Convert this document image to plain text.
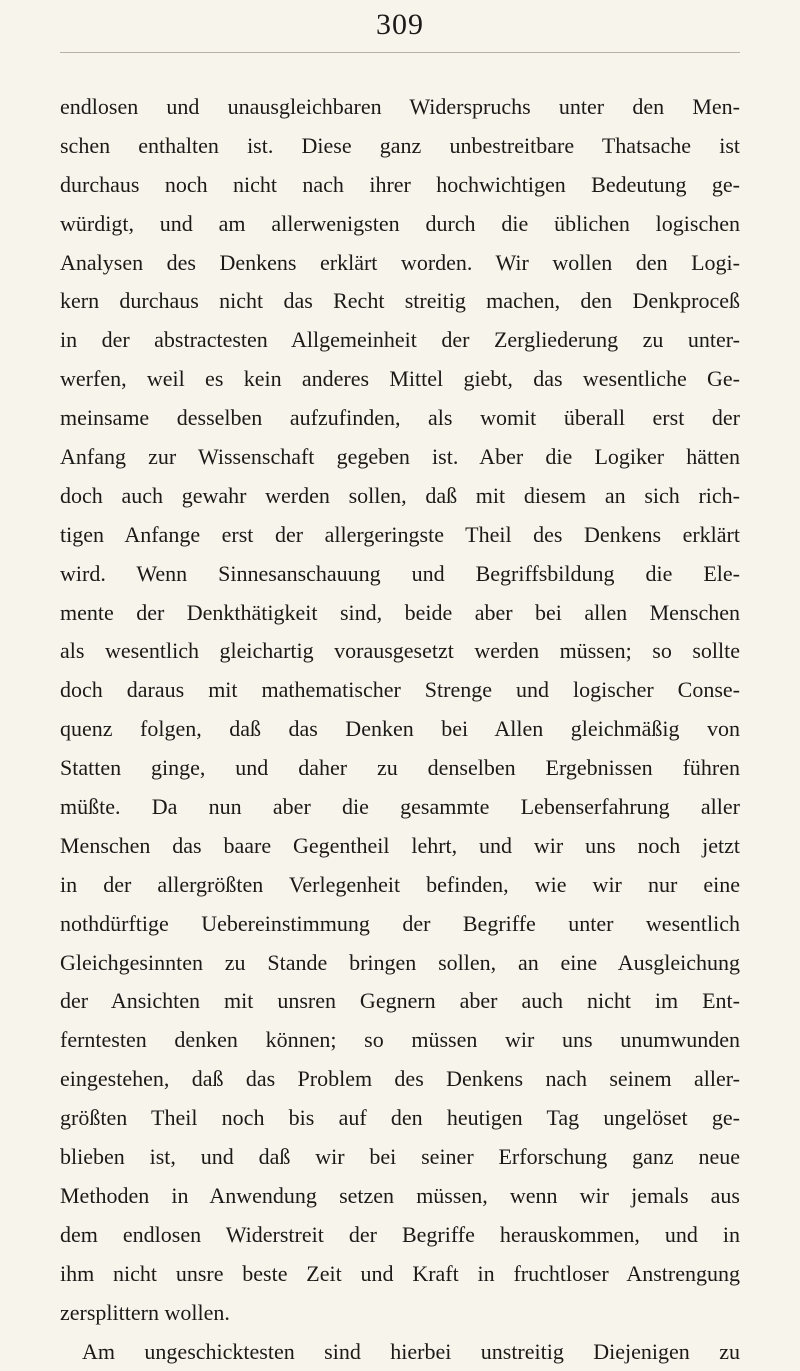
309
endlosen und unausgleichbaren Widerspruchs unter den Men-
schen enthalten ist. Diese ganz unbestreitbare Thatsache ist
durchaus noch nicht nach ihrer hochwichtigen Bedeutung ge-
würdigt, und am allerwenigsten durch die üblichen logischen
Analysen des Denkens erklärt worden. Wir wollen den Logi-
kern durchaus nicht das Recht streitig machen, den Denkproceß
in der abstractesten Allgemeinheit der Zergliederung zu unter-
werfen, weil es kein anderes Mittel giebt, das wesentliche Ge-
meinsame desselben aufzufinden, als womit überall erst der
Anfang zur Wissenschaft gegeben ist. Aber die Logiker hätten
doch auch gewahr werden sollen, daß mit diesem an sich rich-
tigen Anfange erst der allergeringste Theil des Denkens erklärt
wird. Wenn Sinnesanschauung und Begriffsbildung die Ele-
mente der Denkthätigkeit sind, beide aber bei allen Menschen
als wesentlich gleichartig vorausgesetzt werden müssen; so sollte
doch daraus mit mathematischer Strenge und logischer Conse-
quenz folgen, daß das Denken bei Allen gleichmäßig von
Statten ginge, und daher zu denselben Ergebnissen führen
müßte. Da nun aber die gesammte Lebenserfahrung aller
Menschen das baare Gegentheil lehrt, und wir uns noch jetzt
in der allergrößten Verlegenheit befinden, wie wir nur eine
nothdürftige Uebereinstimmung der Begriffe unter wesentlich
Gleichgesinnten zu Stande bringen sollen, an eine Ausgleichung
der Ansichten mit unsren Gegnern aber auch nicht im Ent-
ferntesten denken können; so müssen wir uns unumwunden
eingestehen, daß das Problem des Denkens nach seinem aller-
größten Theil noch bis auf den heutigen Tag ungelöset ge-
blieben ist, und daß wir bei seiner Erforschung ganz neue
Methoden in Anwendung setzen müssen, wenn wir jemals aus
dem endlosen Widerstreit der Begriffe herauskommen, und in
ihm nicht unsre beste Zeit und Kraft in fruchtloser Anstrengung
zersplittern wollen.
Am ungeschicktesten sind hierbei unstreitig Diejenigen zu
